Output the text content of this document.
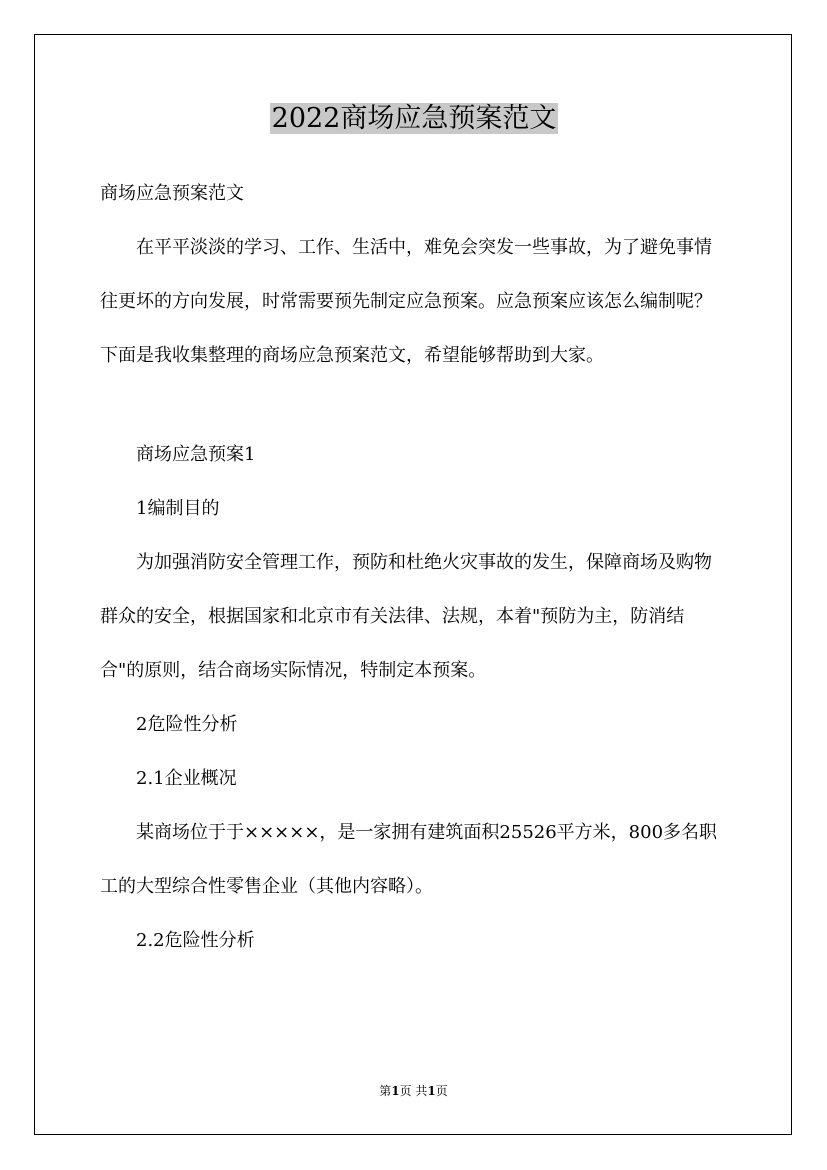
2022商场应急预案范文

商场应急预案范文

在平平淡淡的学习、工作、生活中，难免会突发一些事故，为了避免事情往更坏的方向发展，时常需要预先制定应急预案。应急预案应该怎么编制呢？下面是我收集整理的商场应急预案范文，希望能够帮助到大家。

商场应急预案1

1编制目的

为加强消防安全管理工作，预防和杜绝火灾事故的发生，保障商场及购物群众的安全，根据国家和北京市有关法律、法规，本着"预防为主，防消结合"的原则，结合商场实际情况，特制定本预案。

2危险性分析

2.1企业概况

某商场位于于×××××，是一家拥有建筑面积25526平方米，800多名职工的大型综合性零售企业（其他内容略）。

2.2危险性分析

第1页 共1页
